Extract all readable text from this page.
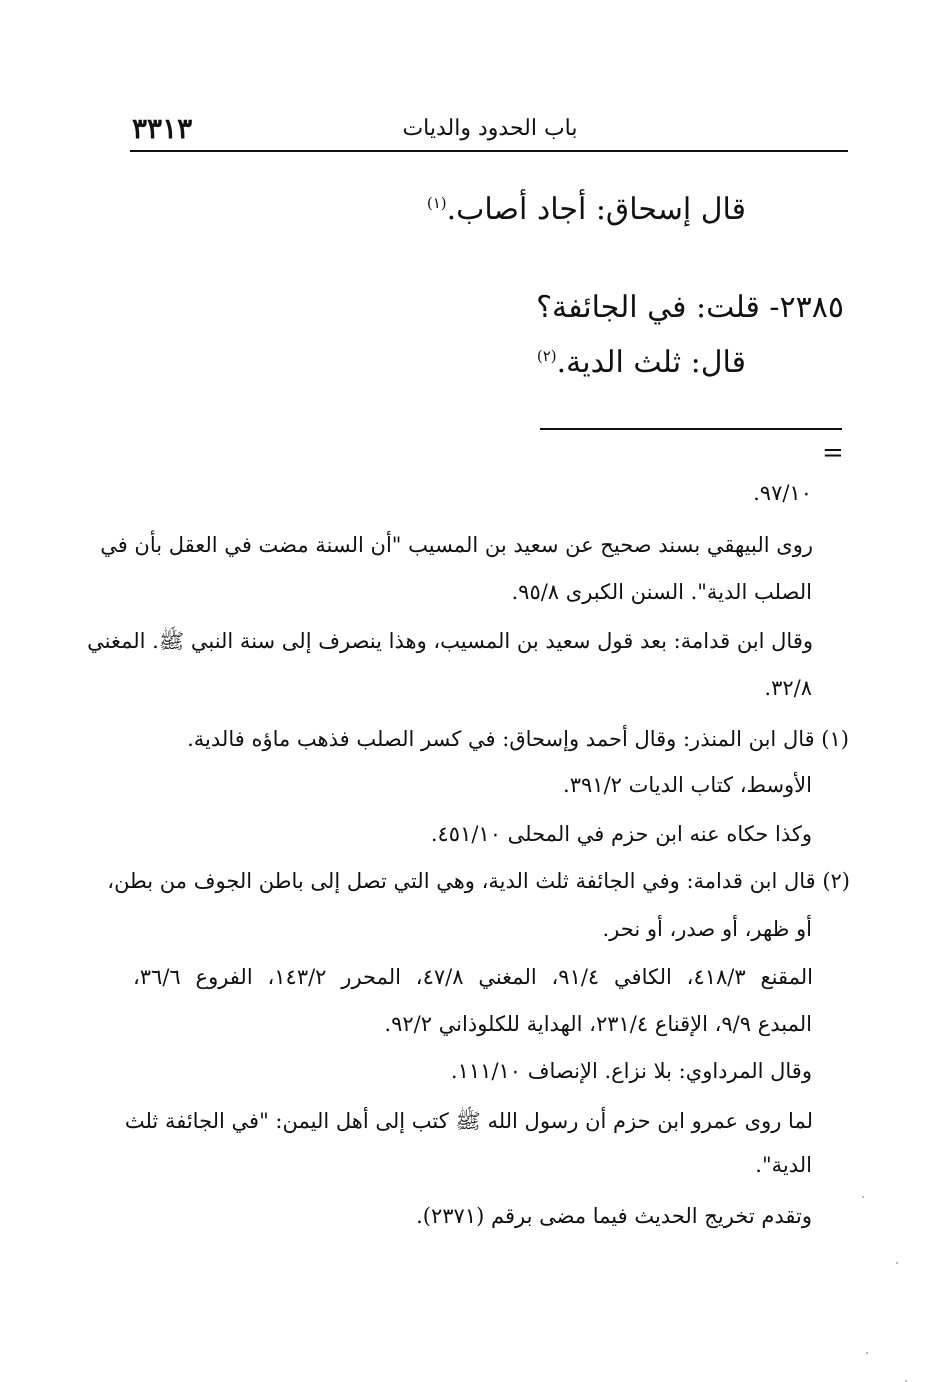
٣٣١٣	باب الحدود والديات
قال إسحاق: أجاد أصاب.$^{(١)}$
٢٣٨٥- قلت: في الجائفة؟
قال: ثلث الدية.$^{(٢)}$
=
.٩٧/١٠
روى البيهقي بسند صحيح عن سعيد بن المسيب "أن السنة مضت في العقل بأن في
الصلب الدية". السنن الكبرى ٩٥/٨.
وقال ابن قدامة: بعد قول سعيد بن المسيب، وهذا ينصرف إلى سنة النبي ﷺ. المغني
.٣٢/٨
(١) قال ابن المنذر: وقال أحمد وإسحاق: في كسر الصلب فذهب ماؤه فالدية.
الأوسط، كتاب الديات ٣٩١/٢.
وكذا حكاه عنه ابن حزم في المحلى ٤٥١/١٠.
(٢) قال ابن قدامة: وفي الجائفة ثلث الدية، وهي التي تصل إلى باطن الجوف من بطن،
أو ظهر، أو صدر، أو نحر.
المقنع ٤١٨/٣، الكافي ٩١/٤، المغني ٤٧/٨، المحرر ١٤٣/٢، الفروع ٣٦/٦،
المبدع ٩/٩، الإقناع ٢٣١/٤، الهداية للكلوذاني ٩٢/٢.
وقال المرداوي: بلا نزاع. الإنصاف ١١١/١٠.
لما روى عمرو ابن حزم أن رسول الله ﷺ كتب إلى أهل اليمن: "في الجائفة ثلث
الدية".
وتقدم تخريج الحديث فيما مضى برقم (٢٣٧١).
